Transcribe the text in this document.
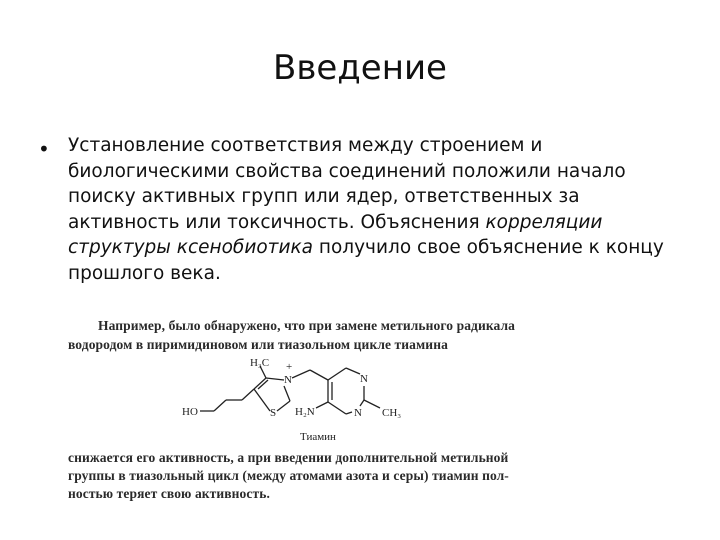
Введение
• Установление соответствия между строением и биологическими свойства соединений положили начало поиску активных групп или ядер, ответственных за активность или токсичность. Объяснения корреляции структуры ксенобиотика получило свое объяснение к концу прошлого века.
Например, было обнаружено, что при замене метильного радикала
водородом в пиримидиновом или тиазольном цикле тиамина
H₃C
N
+
S
HO	H₂N
N
N CH₃
Тиамин
снижается его активность, а при введении дополнительной метильной
группы в тиазольный цикл (между атомами азота и серы) тиамин пол-
ностью теряет свою активность.
